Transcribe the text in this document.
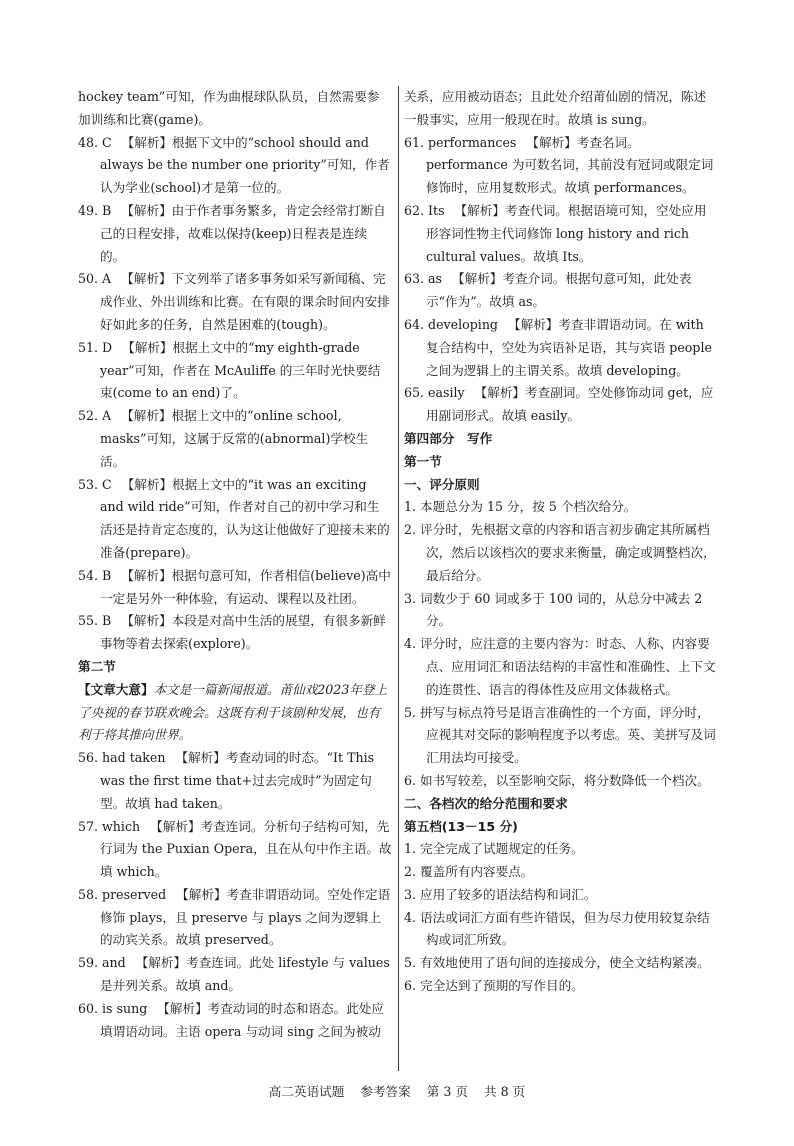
hockey team”可知，作为曲棍球队队员，自然需要参加训练和比赛(game)。

48. C 【解析】根据下文中的“school should and always be the number one priority”可知，作者认为学业(school)才是第一位的。

49. B 【解析】由于作者事务繁多，肯定会经常打断自己的日程安排，故难以保持(keep)日程表是连续的。

50. A 【解析】下文列举了诸多事务如采写新闻稿、完成作业、外出训练和比赛。在有限的课余时间内安排好如此多的任务，自然是困难的(tough)。

51. D 【解析】根据上文中的“my eighth-grade year”可知，作者在 McAuliffe 的三年时光快要结束(come to an end)了。

52. A 【解析】根据上文中的“online school, masks”可知，这属于反常的(abnormal)学校生活。

53. C 【解析】根据上文中的“it was an exciting and wild ride”可知，作者对自己的初中学习和生活还是持肯定态度的，认为这让他做好了迎接未来的准备(prepare)。

54. B 【解析】根据句意可知，作者相信(believe)高中一定是另外一种体验，有运动、课程以及社团。

55. B 【解析】本段是对高中生活的展望，有很多新鲜事物等着去探索(explore)。

第二节

【文章大意】本文是一篇新闻报道。莆仙戏2023年登上了央视的春节联欢晚会。这既有利于该剧种发展，也有利于将其推向世界。

56. had taken 【解析】考查动词的时态。“It This was the first time that+过去完成时”为固定句型。故填 had taken。

57. which 【解析】考查连词。分析句子结构可知，先行词为 the Puxian Opera，且在从句中作主语。故填 which。

58. preserved 【解析】考查非谓语动词。空处作定语修饰 plays，且 preserve 与 plays 之间为逻辑上的动宾关系。故填 preserved。

59. and 【解析】考查连词。此处 lifestyle 与 values 是并列关系。故填 and。

60. is sung 【解析】考查动词的时态和语态。此处应填谓语动词。主语 opera 与动词 sing 之间为被动

关系，应用被动语态；且此处介绍莆仙剧的情况，陈述一般事实，应用一般现在时。故填 is sung。

61. performances 【解析】考查名词。performance 为可数名词，其前没有冠词或限定词修饰时，应用复数形式。故填 performances。

62. Its 【解析】考查代词。根据语境可知，空处应用形容词性物主代词修饰 long history and rich cultural values。故填 Its。

63. as 【解析】考查介词。根据句意可知，此处表示“作为”。故填 as。

64. developing 【解析】考查非谓语动词。在 with 复合结构中，空处为宾语补足语，其与宾语 people 之间为逻辑上的主谓关系。故填 developing。

65. easily 【解析】考查副词。空处修饰动词 get，应用副词形式。故填 easily。

第四部分　写作

第一节

一、评分原则

1. 本题总分为 15 分，按 5 个档次给分。

2. 评分时，先根据文章的内容和语言初步确定其所属档次，然后以该档次的要求来衡量，确定或调整档次，最后给分。

3. 词数少于 60 词或多于 100 词的，从总分中减去 2 分。

4. 评分时，应注意的主要内容为：时态、人称、内容要点、应用词汇和语法结构的丰富性和准确性、上下文的连贯性、语言的得体性及应用文体裁格式。

5. 拼写与标点符号是语言准确性的一个方面，评分时，应视其对交际的影响程度予以考虑。英、美拼写及词汇用法均可接受。

6. 如书写较差，以至影响交际，将分数降低一个档次。

二、各档次的给分范围和要求

第五档(13－15 分)

1. 完全完成了试题规定的任务。

2. 覆盖所有内容要点。

3. 应用了较多的语法结构和词汇。

4. 语法或词汇方面有些许错误，但为尽力使用较复杂结构或词汇所致。

5. 有效地使用了语句间的连接成分，使全文结构紧凑。

6. 完全达到了预期的写作目的。

高二英语试题 参考答案 第 3 页 共 8 页
